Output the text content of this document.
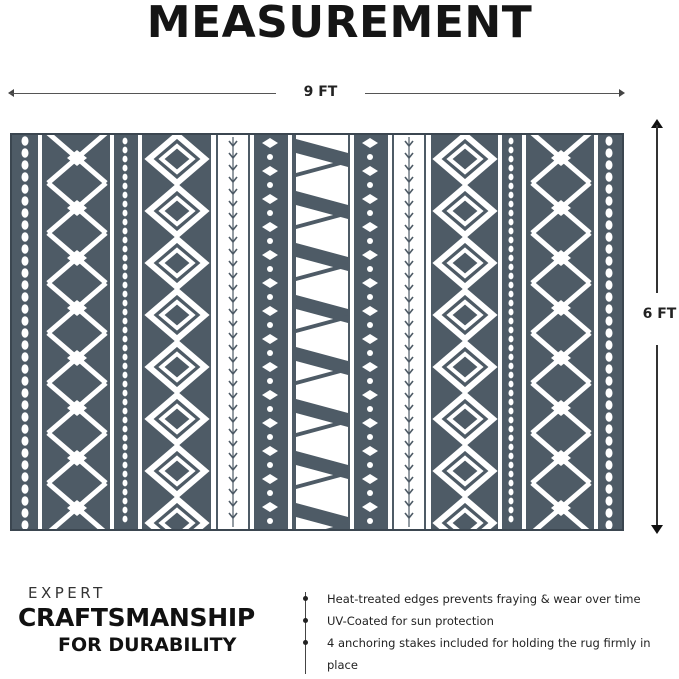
MEASUREMENT
9 FT
6 FT
EXPERT
CRAFTSMANSHIP
FOR DURABILITY
Heat-treated edges prevents fraying & wear over time
UV-Coated for sun protection
4 anchoring stakes included for holding the rug firmly in place
